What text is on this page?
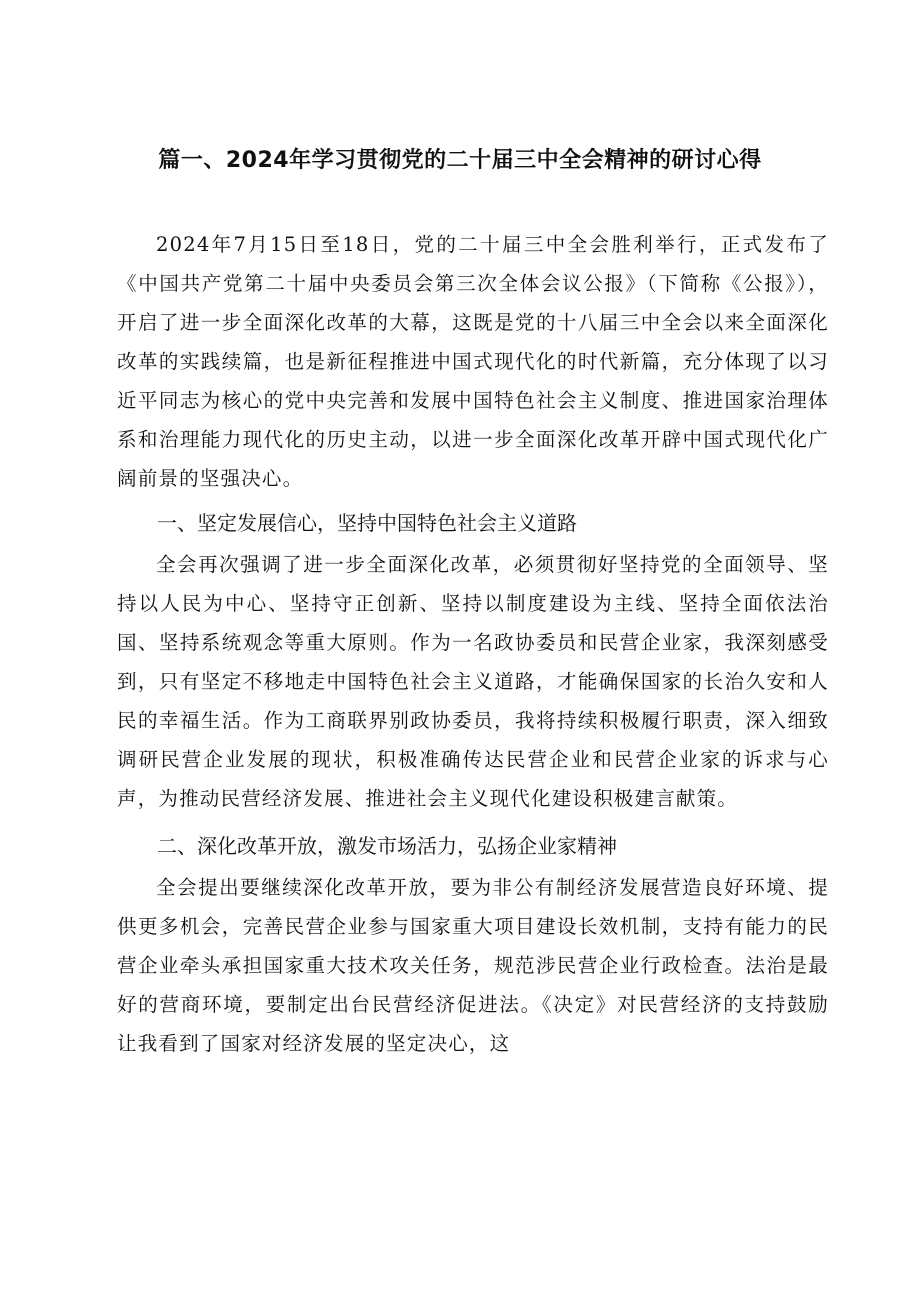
篇一、2024年学习贯彻党的二十届三中全会精神的研讨心得

2024年7月15日至18日，党的二十届三中全会胜利举行，正式发布了《中国共产党第二十届中央委员会第三次全体会议公报》（下简称《公报》），开启了进一步全面深化改革的大幕，这既是党的十八届三中全会以来全面深化改革的实践续篇，也是新征程推进中国式现代化的时代新篇，充分体现了以习近平同志为核心的党中央完善和发展中国特色社会主义制度、推进国家治理体系和治理能力现代化的历史主动，以进一步全面深化改革开辟中国式现代化广阔前景的坚强决心。

一、坚定发展信心，坚持中国特色社会主义道路

全会再次强调了进一步全面深化改革，必须贯彻好坚持党的全面领导、坚持以人民为中心、坚持守正创新、坚持以制度建设为主线、坚持全面依法治国、坚持系统观念等重大原则。作为一名政协委员和民营企业家，我深刻感受到，只有坚定不移地走中国特色社会主义道路，才能确保国家的长治久安和人民的幸福生活。作为工商联界别政协委员，我将持续积极履行职责，深入细致调研民营企业发展的现状，积极准确传达民营企业和民营企业家的诉求与心声，为推动民营经济发展、推进社会主义现代化建设积极建言献策。

二、深化改革开放，激发市场活力，弘扬企业家精神

全会提出要继续深化改革开放，要为非公有制经济发展营造良好环境、提供更多机会，完善民营企业参与国家重大项目建设长效机制，支持有能力的民营企业牵头承担国家重大技术攻关任务，规范涉民营企业行政检查。法治是最好的营商环境，要制定出台民营经济促进法。《决定》对民营经济的支持鼓励让我看到了国家对经济发展的坚定决心，这
